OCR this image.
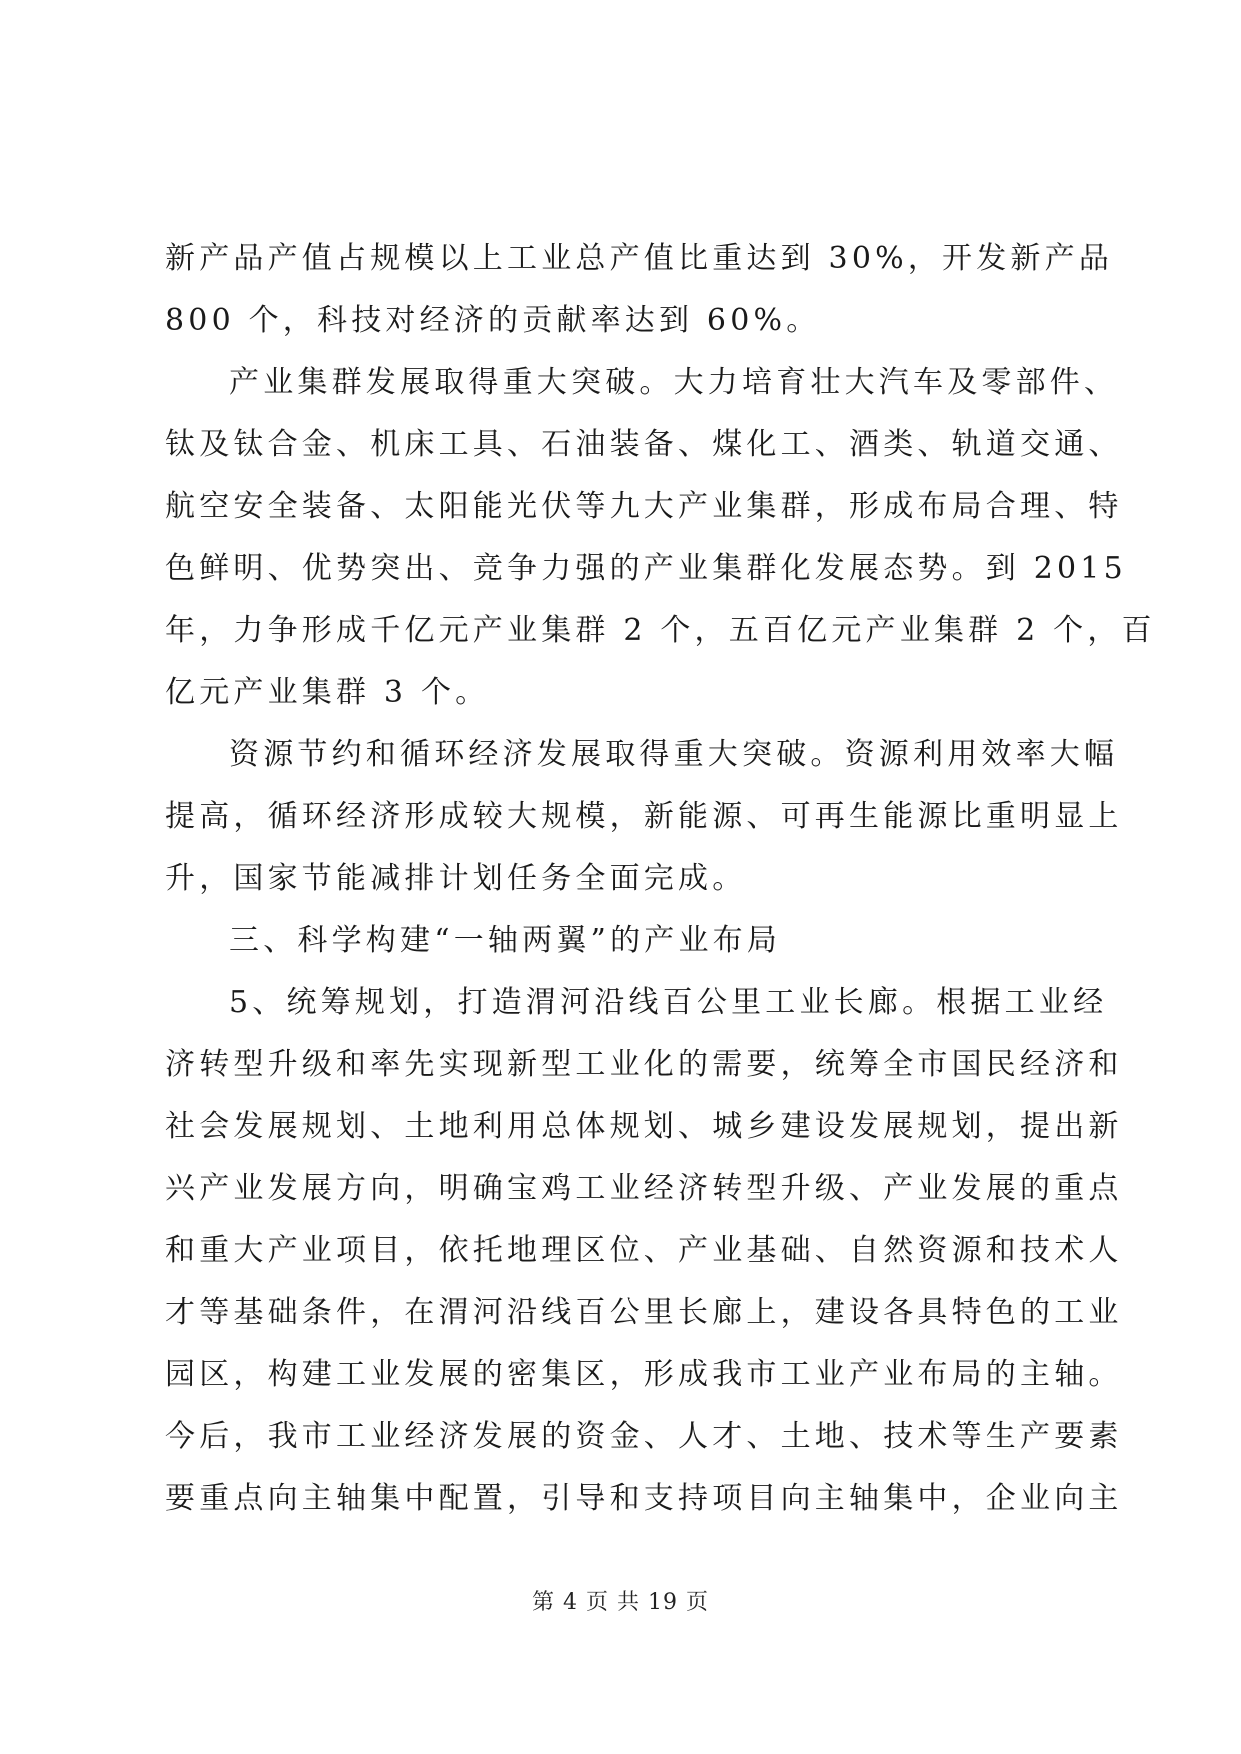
新产品产值占规模以上工业总产值比重达到 30%，开发新产品
800 个，科技对经济的贡献率达到 60%。
产业集群发展取得重大突破。大力培育壮大汽车及零部件、
钛及钛合金、机床工具、石油装备、煤化工、酒类、轨道交通、
航空安全装备、太阳能光伏等九大产业集群，形成布局合理、特
色鲜明、优势突出、竞争力强的产业集群化发展态势。到 2015
年，力争形成千亿元产业集群 2 个，五百亿元产业集群 2 个，百
亿元产业集群 3 个。
资源节约和循环经济发展取得重大突破。资源利用效率大幅
提高，循环经济形成较大规模，新能源、可再生能源比重明显上
升，国家节能减排计划任务全面完成。
三、科学构建“一轴两翼”的产业布局
5、统筹规划，打造渭河沿线百公里工业长廊。根据工业经
济转型升级和率先实现新型工业化的需要，统筹全市国民经济和
社会发展规划、土地利用总体规划、城乡建设发展规划，提出新
兴产业发展方向，明确宝鸡工业经济转型升级、产业发展的重点
和重大产业项目，依托地理区位、产业基础、自然资源和技术人
才等基础条件，在渭河沿线百公里长廊上，建设各具特色的工业
园区，构建工业发展的密集区，形成我市工业产业布局的主轴。
今后，我市工业经济发展的资金、人才、土地、技术等生产要素
要重点向主轴集中配置，引导和支持项目向主轴集中，企业向主
第 4 页 共 19 页
